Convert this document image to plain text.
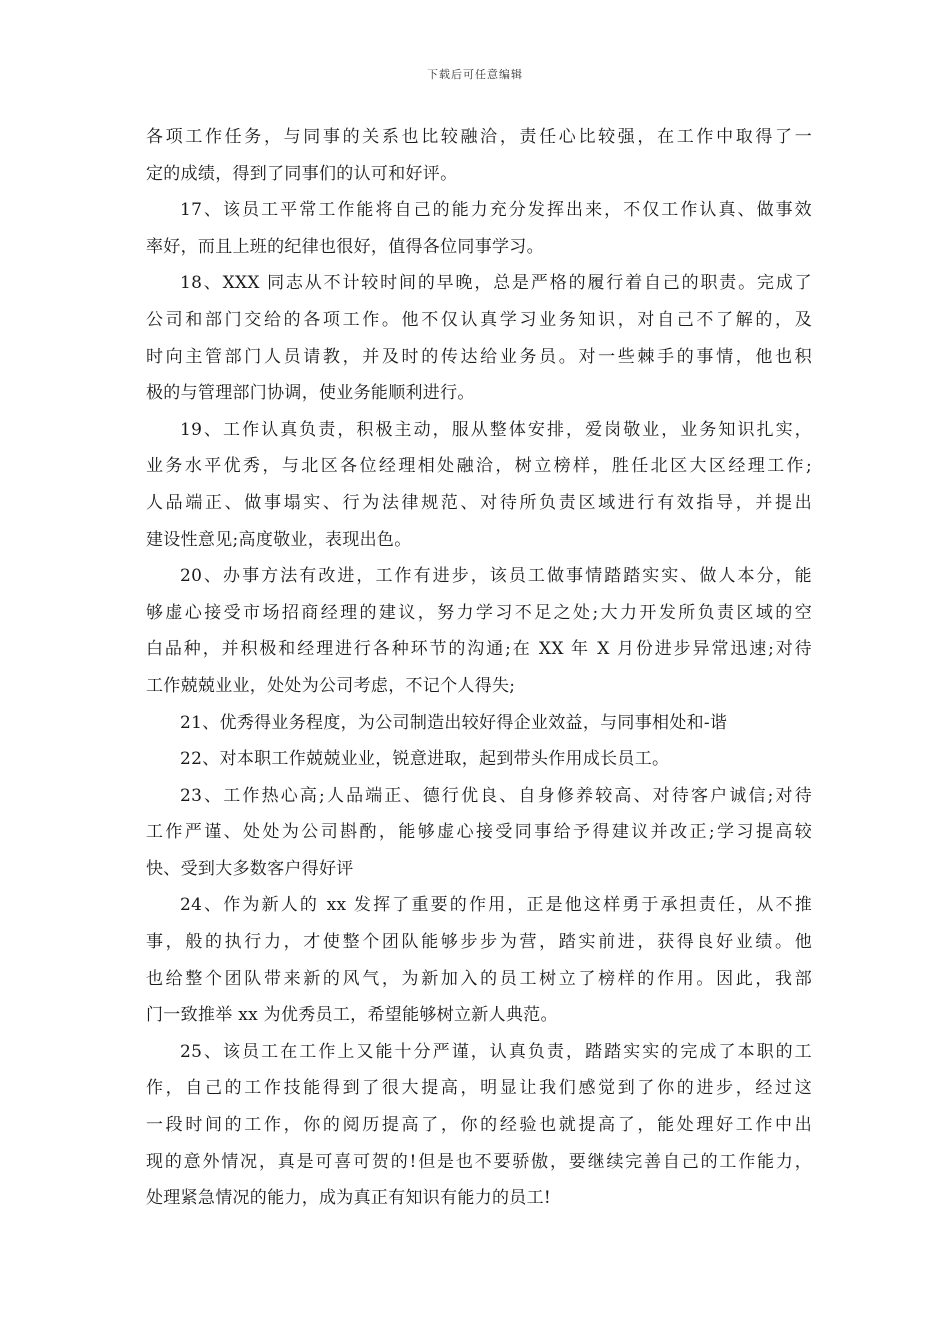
下载后可任意编辑
各项工作任务，与同事的关系也比较融洽，责任心比较强，在工作中取得了一
定的成绩，得到了同事们的认可和好评。
17、该员工平常工作能将自己的能力充分发挥出来，不仅工作认真、做事效
率好，而且上班的纪律也很好，值得各位同事学习。
18、XXX 同志从不计较时间的早晚，总是严格的履行着自己的职责。完成了
公司和部门交给的各项工作。他不仅认真学习业务知识，对自己不了解的，及
时向主管部门人员请教，并及时的传达给业务员。对一些棘手的事情，他也积
极的与管理部门协调，使业务能顺利进行。
19、工作认真负责，积极主动，服从整体安排，爱岗敬业，业务知识扎实，
业务水平优秀，与北区各位经理相处融洽，树立榜样，胜任北区大区经理工作;
人品端正、做事塌实、行为法律规范、对待所负责区域进行有效指导，并提出
建设性意见;高度敬业，表现出色。
20、办事方法有改进，工作有进步，该员工做事情踏踏实实、做人本分，能
够虚心接受市场招商经理的建议，努力学习不足之处;大力开发所负责区域的空
白品种，并积极和经理进行各种环节的沟通;在 XX 年 X 月份进步异常迅速;对待
工作兢兢业业，处处为公司考虑，不记个人得失;
21、优秀得业务程度，为公司制造出较好得企业效益，与同事相处和-谐
22、对本职工作兢兢业业，锐意进取，起到带头作用成长员工。
23、工作热心高;人品端正、德行优良、自身修养较高、对待客户诚信;对待
工作严谨、处处为公司斟酌，能够虚心接受同事给予得建议并改正;学习提高较
快、受到大多数客户得好评
24、作为新人的 xx 发挥了重要的作用，正是他这样勇于承担责任，从不推
事，般的执行力，才使整个团队能够步步为营，踏实前进，获得良好业绩。他
也给整个团队带来新的风气，为新加入的员工树立了榜样的作用。因此，我部
门一致推举 xx 为优秀员工，希望能够树立新人典范。
25、该员工在工作上又能十分严谨，认真负责，踏踏实实的完成了本职的工
作，自己的工作技能得到了很大提高，明显让我们感觉到了你的进步，经过这
一段时间的工作，你的阅历提高了，你的经验也就提高了，能处理好工作中出
现的意外情况，真是可喜可贺的!但是也不要骄傲，要继续完善自己的工作能力，
处理紧急情况的能力，成为真正有知识有能力的员工!
